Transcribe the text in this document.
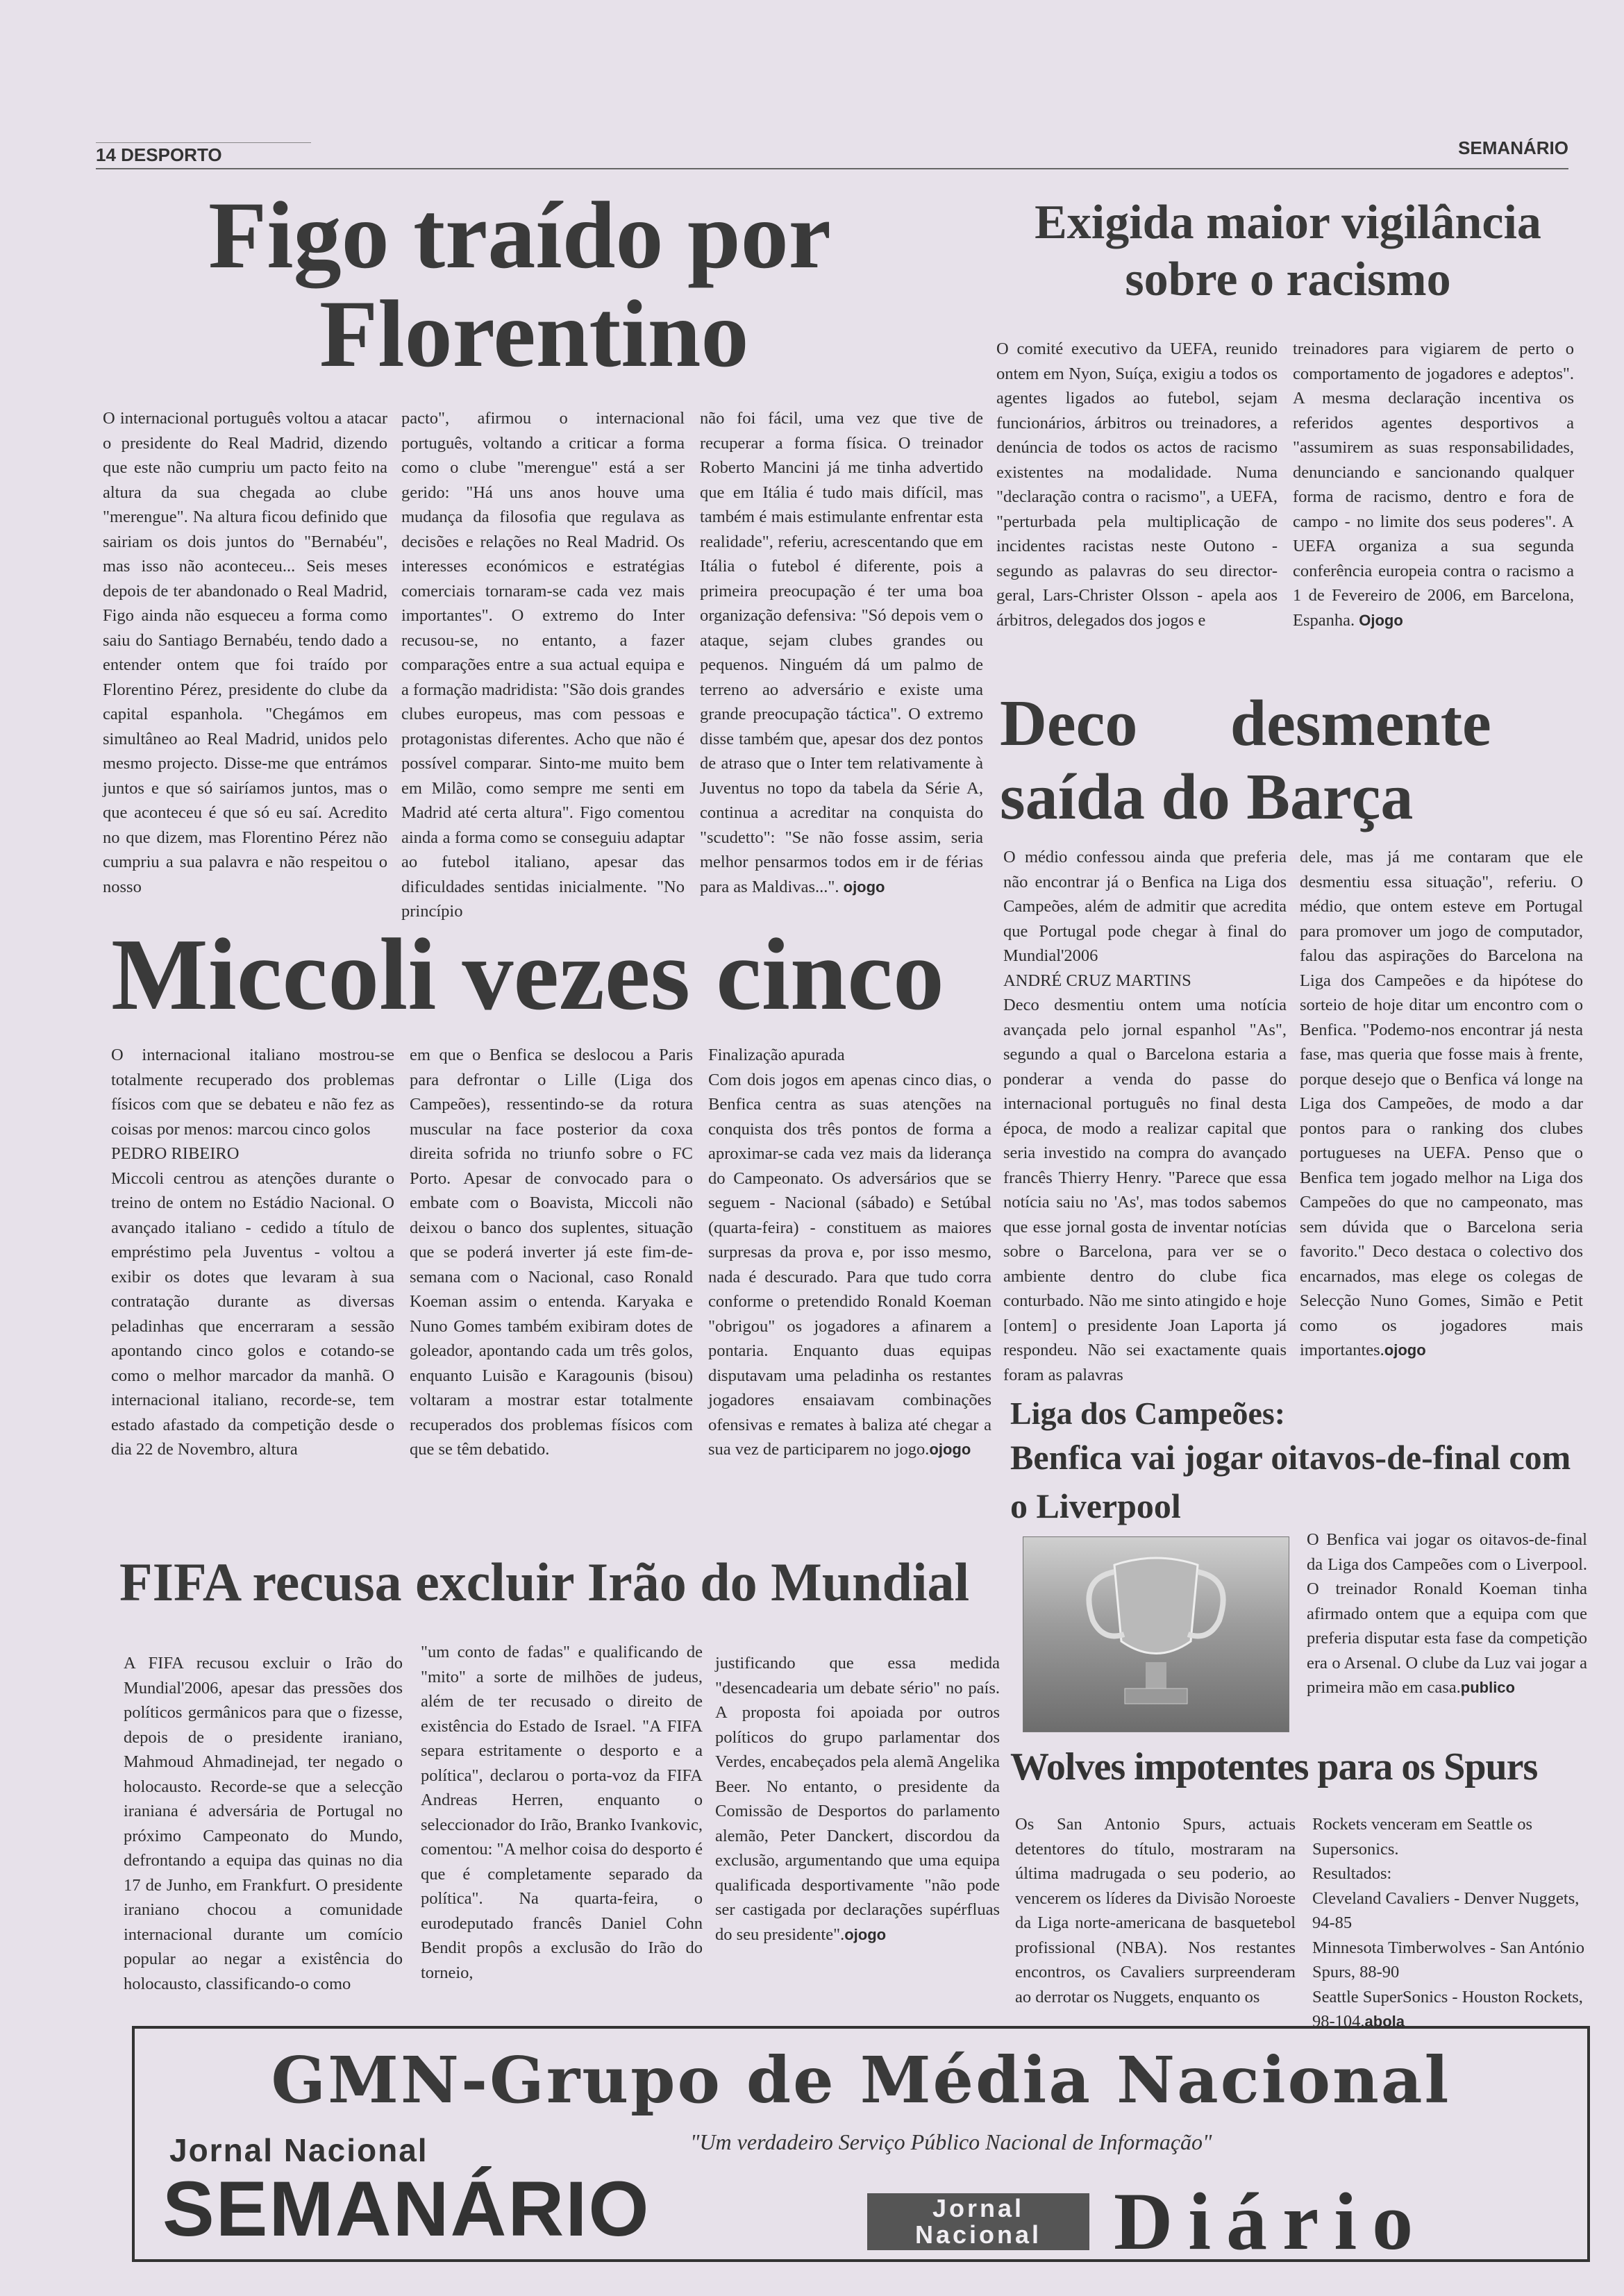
14 DESPORTO	SEMANÁRIO
Figo traído por
Florentino
O internacional português voltou a atacar o presidente do Real Madrid, dizendo que este não cumpriu um pacto feito na altura da sua chegada ao clube "merengue". Na altura ficou definido que sairiam os dois juntos do "Bernabéu", mas isso não aconteceu... Seis meses depois de ter abandonado o Real Madrid, Figo ainda não esqueceu a forma como saiu do Santiago Bernabéu, tendo dado a entender ontem que foi traído por Florentino Pérez, presidente do clube da capital espanhola. "Chegámos em simultâneo ao Real Madrid, unidos pelo mesmo projecto. Disse-me que entrámos juntos e que só sairíamos juntos, mas o que aconteceu é que só eu saí. Acredito no que dizem, mas Florentino Pérez não cumpriu a sua palavra e não respeitou o nosso
pacto", afirmou o internacional português, voltando a criticar a forma como o clube "merengue" está a ser gerido: "Há uns anos houve uma mudança da filosofia que regulava as decisões e relações no Real Madrid. Os interesses económicos e estratégias comerciais tornaram-se cada vez mais importantes". O extremo do Inter recusou-se, no entanto, a fazer comparações entre a sua actual equipa e a formação madridista: "São dois grandes clubes europeus, mas com pessoas e protagonistas diferentes. Acho que não é possível comparar. Sinto-me muito bem em Milão, como sempre me senti em Madrid até certa altura". Figo comentou ainda a forma como se conseguiu adaptar ao futebol italiano, apesar das dificuldades sentidas inicialmente. "No princípio
não foi fácil, uma vez que tive de recuperar a forma física. O treinador Roberto Mancini já me tinha advertido que em Itália é tudo mais difícil, mas também é mais estimulante enfrentar esta realidade", referiu, acrescentando que em Itália o futebol é diferente, pois a primeira preocupação é ter uma boa organização defensiva: "Só depois vem o ataque, sejam clubes grandes ou pequenos. Ninguém dá um palmo de terreno ao adversário e existe uma grande preocupação táctica". O extremo disse também que, apesar dos dez pontos de atraso que o Inter tem relativamente à Juventus no topo da tabela da Série A, continua a acreditar na conquista do "scudetto": "Se não fosse assim, seria melhor pensarmos todos em ir de férias para as Maldivas...". ojogo
Exigida maior vigilância sobre o racismo
O comité executivo da UEFA, reunido ontem em Nyon, Suíça, exigiu a todos os agentes ligados ao futebol, sejam funcionários, árbitros ou treinadores, a denúncia de todos os actos de racismo existentes na modalidade. Numa "declaração contra o racismo", a UEFA, "perturbada pela multiplicação de incidentes racistas neste Outono - segundo as palavras do seu director-geral, Lars-Christer Olsson - apela aos árbitros, delegados dos jogos e
treinadores para vigiarem de perto o comportamento de jogadores e adeptos". A mesma declaração incentiva os referidos agentes desportivos a "assumirem as suas responsabilidades, denunciando e sancionando qualquer forma de racismo, dentro e fora de campo - no limite dos seus poderes". A UEFA organiza a sua segunda conferência europeia contra o racismo a 1 de Fevereiro de 2006, em Barcelona, Espanha. Ojogo
Deco desmente
saída do Barça

O médio confessou ainda que preferia não encontrar já o Benfica na Liga dos Campeões, além de admitir que acredita que Portugal pode chegar à final do Mundial'2006

ANDRÉ CRUZ MARTINS

Deco desmentiu ontem uma notícia avançada pelo jornal espanhol "As", segundo a qual o Barcelona estaria a ponderar a venda do passe do internacional português no final desta época, de modo a realizar capital que seria investido na compra do avançado francês Thierry Henry. "Parece que essa notícia saiu no 'As', mas todos sabemos que esse jornal gosta de inventar notícias sobre o Barcelona, para ver se o ambiente dentro do clube fica conturbado. Não me sinto atingido e hoje [ontem] o presidente Joan Laporta já respondeu. Não sei exactamente quais foram as palavras

dele, mas já me contaram que ele desmentiu essa situação", referiu. O médio, que ontem esteve em Portugal para promover um jogo de computador, falou das aspirações do Barcelona na Liga dos Campeões e da hipótese do sorteio de hoje ditar um encontro com o Benfica. "Podemo-nos encontrar já nesta fase, mas queria que fosse mais à frente, porque desejo que o Benfica vá longe na Liga dos Campeões, de modo a dar pontos para o ranking dos clubes portugueses na UEFA. Penso que o Benfica tem jogado melhor na Liga dos Campeões do que no campeonato, mas sem dúvida que o Barcelona seria favorito." Deco destaca o colectivo dos encarnados, mas elege os colegas de Selecção Nuno Gomes, Simão e Petit como os jogadores mais importantes.ojogo
Miccoli vezes cinco

O internacional italiano mostrou-se totalmente recuperado dos problemas físicos com que se debateu e não fez as coisas por menos: marcou cinco golos

PEDRO RIBEIRO

Miccoli centrou as atenções durante o treino de ontem no Estádio Nacional. O avançado italiano - cedido a título de empréstimo pela Juventus - voltou a exibir os dotes que levaram à sua contratação durante as diversas peladinhas que encerraram a sessão apontando cinco golos e cotando-se como o melhor marcador da manhã. O internacional italiano, recorde-se, tem estado afastado da competição desde o dia 22 de Novembro, altura

em que o Benfica se deslocou a Paris para defrontar o Lille (Liga dos Campeões), ressentindo-se da rotura muscular na face posterior da coxa direita sofrida no triunfo sobre o FC Porto. Apesar de convocado para o embate com o Boavista, Miccoli não deixou o banco dos suplentes, situação que se poderá inverter já este fim-de-semana com o Nacional, caso Ronald Koeman assim o entenda. Karyaka e Nuno Gomes também exibiram dotes de goleador, apontando cada um três golos, enquanto Luisão e Karagounis (bisou) voltaram a mostrar estar totalmente recuperados dos problemas físicos com que se têm debatido.

Finalização apurada

Com dois jogos em apenas cinco dias, o Benfica centra as suas atenções na conquista dos três pontos de forma a aproximar-se cada vez mais da liderança do Campeonato. Os adversários que se seguem - Nacional (sábado) e Setúbal (quarta-feira) - constituem as maiores surpresas da prova e, por isso mesmo, nada é descurado. Para que tudo corra conforme o pretendido Ronald Koeman "obrigou" os jogadores a afinarem a pontaria. Enquanto duas equipas disputavam uma peladinha os restantes jogadores ensaiavam combinações ofensivas e remates à baliza até chegar a sua vez de participarem no jogo.ojogo

Liga dos Campeões:
Benfica vai jogar oitavos-de-final com o Liverpool
O Benfica vai jogar os oitavos-de-final da Liga dos Campeões com o Liverpool. O treinador Ronald Koeman tinha afirmado ontem que a equipa com que preferia disputar esta fase da competição era o Arsenal. O clube da Luz vai jogar a primeira mão em casa.publico
Wolves impotentes para os Spurs
Os San Antonio Spurs, actuais detentores do título, mostraram na última madrugada o seu poderio, ao vencerem os líderes da Divisão Noroeste da Liga norte-americana de basquetebol profissional (NBA). Nos restantes encontros, os Cavaliers surpreenderam ao derrotar os Nuggets, enquanto os

Rockets venceram em Seattle os Supersonics.

Resultados:

Cleveland Cavaliers - Denver Nuggets, 94-85

Minnesota Timberwolves - San António Spurs, 88-90

Seattle SuperSonics - Houston Rockets, 98-104.abola

FIFA recusa excluir Irão do Mundial
A FIFA recusou excluir o Irão do Mundial'2006, apesar das pressões dos políticos germânicos para que o fizesse, depois de o presidente iraniano, Mahmoud Ahmadinejad, ter negado o holocausto. Recorde-se que a selecção iraniana é adversária de Portugal no próximo Campeonato do Mundo, defrontando a equipa das quinas no dia 17 de Junho, em Frankfurt. O presidente iraniano chocou a comunidade internacional durante um comício popular ao negar a existência do holocausto, classificando-o como
"um conto de fadas" e qualificando de "mito" a sorte de milhões de judeus, além de ter recusado o direito de existência do Estado de Israel. "A FIFA separa estritamente o desporto e a política", declarou o porta-voz da FIFA Andreas Herren, enquanto o seleccionador do Irão, Branko Ivankovic, comentou: "A melhor coisa do desporto é que é completamente separado da política". Na quarta-feira, o eurodeputado francês Daniel Cohn Bendit propôs a exclusão do Irão do torneio,
justificando que essa medida "desencadearia um debate sério" no país. A proposta foi apoiada por outros políticos do grupo parlamentar dos Verdes, encabeçados pela alemã Angelika Beer. No entanto, o presidente da Comissão de Desportos do parlamento alemão, Peter Danckert, discordou da exclusão, argumentando que uma equipa qualificada desportivamente "não pode ser castigada por declarações supérfluas do seu presidente".ojogo
GMN-Grupo de Média Nacional
Jornal Nacional	"Um verdadeiro Serviço Público Nacional de Informação"
SEMANÁRIO	Jornal
Nacional Diário
